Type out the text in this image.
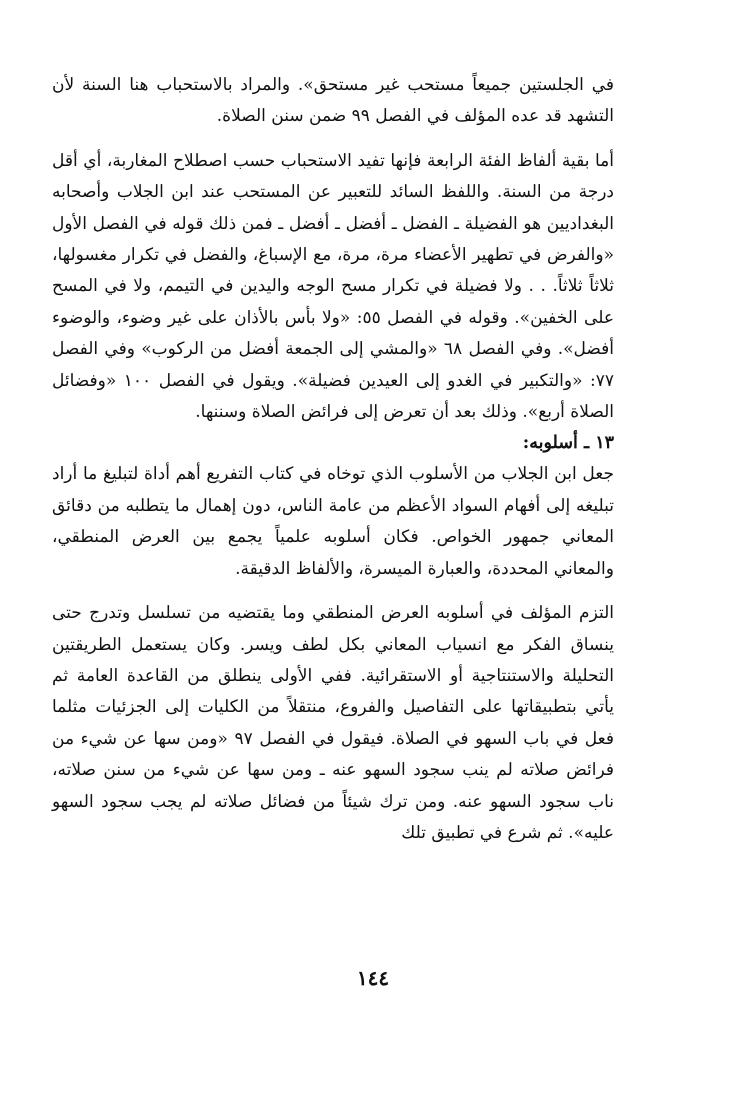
في الجلستين جميعاً مستحب غير مستحق». والمراد بالاستحباب هنا السنة لأن التشهد قد عده المؤلف في الفصل ٩٩ ضمن سنن الصلاة.

أما بقية ألفاظ الفئة الرابعة فإنها تفيد الاستحباب حسب اصطلاح المغاربة، أي أقل درجة من السنة. واللفظ السائد للتعبير عن المستحب عند ابن الجلاب وأصحابه البغداديين هو الفضيلة ـ الفضل ـ أفضل ـ أفضل ـ فمن ذلك قوله في الفصل الأول «والفرض في تطهير الأعضاء مرة، مرة، مع الإسباغ، والفضل في تكرار مغسولها، ثلاثاً ثلاثاً. . . ولا فضيلة في تكرار مسح الوجه واليدين في التيمم، ولا في المسح على الخفين». وقوله في الفصل ٥٥: «ولا بأس بالأذان على غير وضوء، والوضوء أفضل». وفي الفصل ٦٨ «والمشي إلى الجمعة أفضل من الركوب» وفي الفصل ٧٧: «والتكبير في الغدو إلى العيدين فضيلة». ويقول في الفصل ١٠٠ «وفضائل الصلاة أربع». وذلك بعد أن تعرض إلى فرائض الصلاة وسننها.

١٣ ـ أسلوبه:

جعل ابن الجلاب من الأسلوب الذي توخاه في كتاب التفريع أهم أداة لتبليغ ما أراد تبليغه إلى أفهام السواد الأعظم من عامة الناس، دون إهمال ما يتطلبه من دقائق المعاني جمهور الخواص. فكان أسلوبه علمياً يجمع بين العرض المنطقي، والمعاني المحددة، والعبارة الميسرة، والألفاظ الدقيقة.

التزم المؤلف في أسلوبه العرض المنطقي وما يقتضيه من تسلسل وتدرج حتى ينساق الفكر مع انسياب المعاني بكل لطف ويسر. وكان يستعمل الطريقتين التحليلة والاستنتاجية أو الاستقرائية. ففي الأولى ينطلق من القاعدة العامة ثم يأتي بتطبيقاتها على التفاصيل والفروع، منتقلاً من الكليات إلى الجزئيات مثلما فعل في باب السهو في الصلاة. فيقول في الفصل ٩٧ «ومن سها عن شيء من فرائض صلاته لم ينب سجود السهو عنه ـ ومن سها عن شيء من سنن صلاته، ناب سجود السهو عنه. ومن ترك شيئاً من فضائل صلاته لم يجب سجود السهو عليه». ثم شرع في تطبيق تلك

١٤٤
